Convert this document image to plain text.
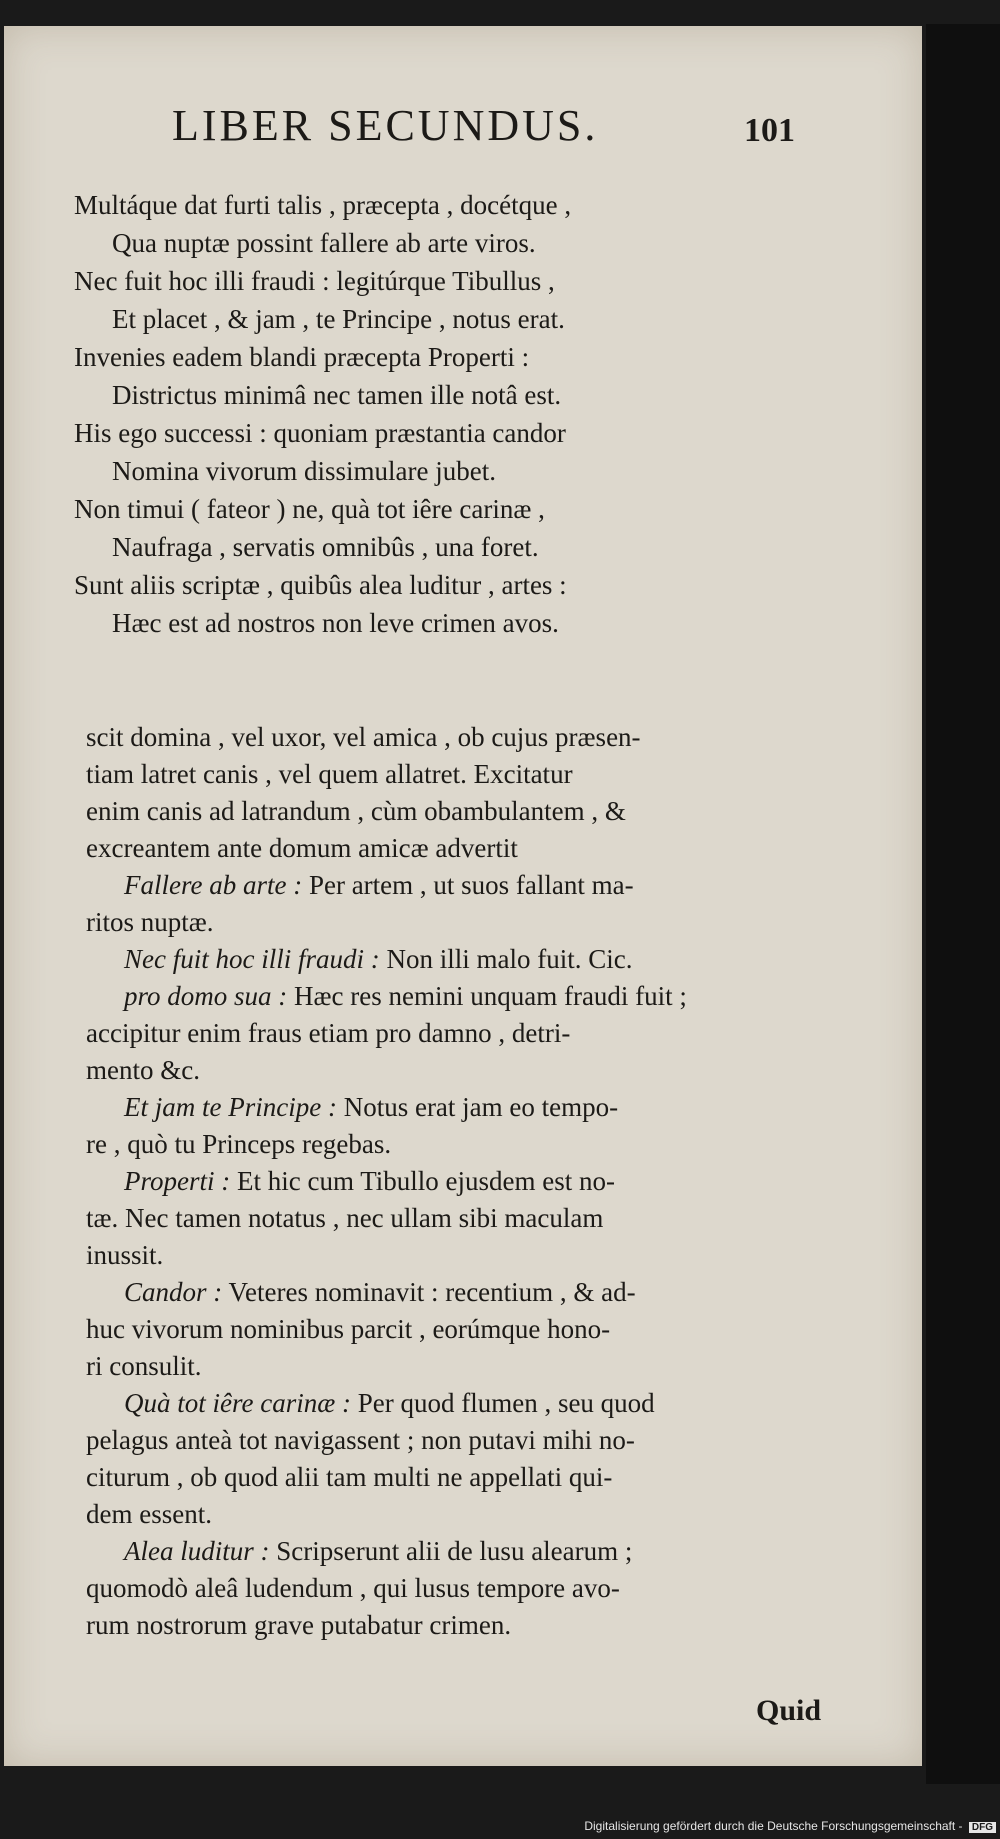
LIBER SECUNDUS.	101
Multáque dat furti talis , præcepta , docétque ,
Qua nuptæ possint fallere ab arte viros.
Nec fuit hoc illi fraudi : legitúrque Tibullus ,
Et placet , & jam , te Principe , notus erat.
Invenies eadem blandi præcepta Properti :
Districtus minimâ nec tamen ille notâ est.
His ego successi : quoniam præstantia candor
Nomina vivorum dissimulare jubet.
Non timui ( fateor ) ne, quà tot iêre carinæ ,
Naufraga , servatis omnibûs , una foret.
Sunt aliis scriptæ , quibûs alea luditur , artes :
Hæc est ad nostros non leve crimen avos.
scit domina , vel uxor, vel amica , ob cujus præsen-
tiam latret canis , vel quem allatret. Excitatur
enim canis ad latrandum , cùm obambulantem , &
excreantem ante domum amicæ advertit
Fallere ab arte : Per artem , ut suos fallant ma-
ritos nuptæ.
Nec fuit hoc illi fraudi : Non illi malo fuit. Cic.
pro domo sua : Hæc res nemini unquam fraudi fuit ;
accipitur enim fraus etiam pro damno , detri-
mento &c.
Et jam te Principe : Notus erat jam eo tempo-
re , quò tu Princeps regebas.
Properti : Et hic cum Tibullo ejusdem est no-
tæ. Nec tamen notatus , nec ullam sibi maculam
inussit.
Candor : Veteres nominavit : recentium , & ad-
huc vivorum nominibus parcit , eorúmque hono-
ri consulit.
Quà tot iêre carinæ : Per quod flumen , seu quod
pelagus anteà tot navigassent ; non putavi mihi no-
citurum , ob quod alii tam multi ne appellati qui-
dem essent.
Alea luditur : Scripserunt alii de lusu alearum ;
quomodò aleâ ludendum , qui lusus tempore avo-
rum nostrorum grave putabatur crimen.
Quid
Digitalisierung gefördert durch die Deutsche Forschungsgemeinschaft - DFG
